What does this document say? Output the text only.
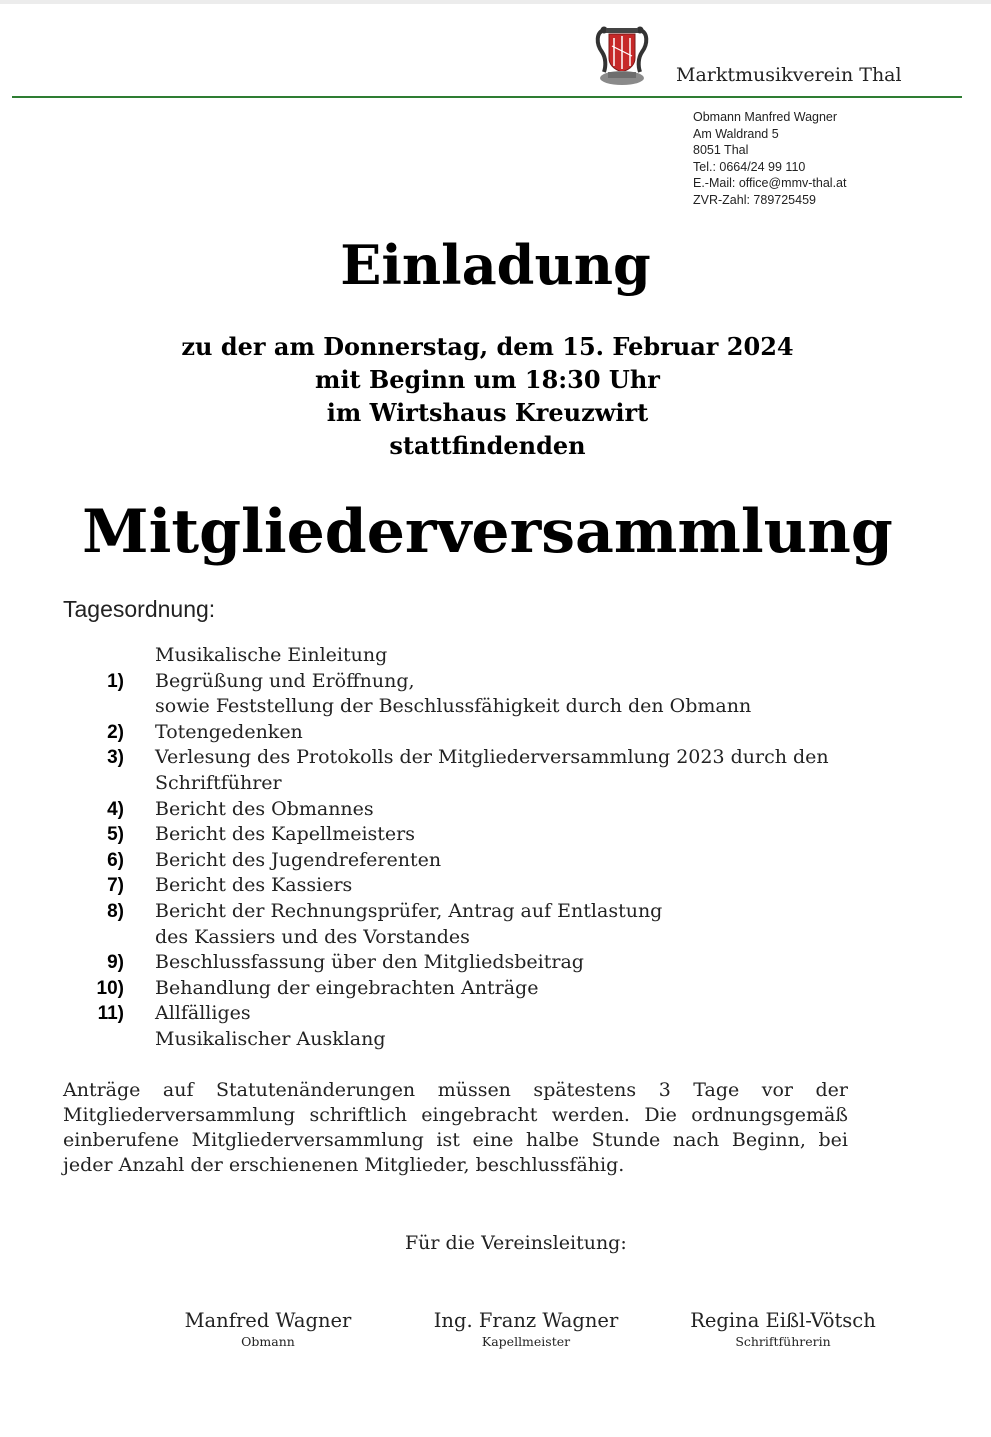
Marktmusikverein Thal
Obmann Manfred Wagner
Am Waldrand 5
8051 Thal
Tel.: 0664/24 99 110
E.-Mail: office@mmv-thal.at
ZVR-Zahl: 789725459
Einladung
zu der am Donnerstag, dem 15. Februar 2024
mit Beginn um 18:30 Uhr
im Wirtshaus Kreuzwirt
stattfindenden
Mitgliederversammlung
Tagesordnung:
Musikalische Einleitung
1) Begrüßung und Eröffnung,
sowie Feststellung der Beschlussfähigkeit durch den Obmann
2) Totengedenken
3) Verlesung des Protokolls der Mitgliederversammlung 2023 durch den
Schriftführer
4) Bericht des Obmannes
5) Bericht des Kapellmeisters
6) Bericht des Jugendreferenten
7) Bericht des Kassiers
8) Bericht der Rechnungsprüfer, Antrag auf Entlastung
des Kassiers und des Vorstandes
9) Beschlussfassung über den Mitgliedsbeitrag
10) Behandlung der eingebrachten Anträge
11) Allfälliges
Musikalischer Ausklang
Anträge auf Statutenänderungen müssen spätestens 3 Tage vor der Mitgliederversammlung schriftlich eingebracht werden. Die ordnungsgemäß einberufene Mitgliederversammlung ist eine halbe Stunde nach Beginn, bei jeder Anzahl der erschienenen Mitglieder, beschlussfähig.
Für die Vereinsleitung:
Manfred Wagner
Obmann
Ing. Franz Wagner
Kapellmeister
Regina Eißl-Vötsch
Schriftführerin
